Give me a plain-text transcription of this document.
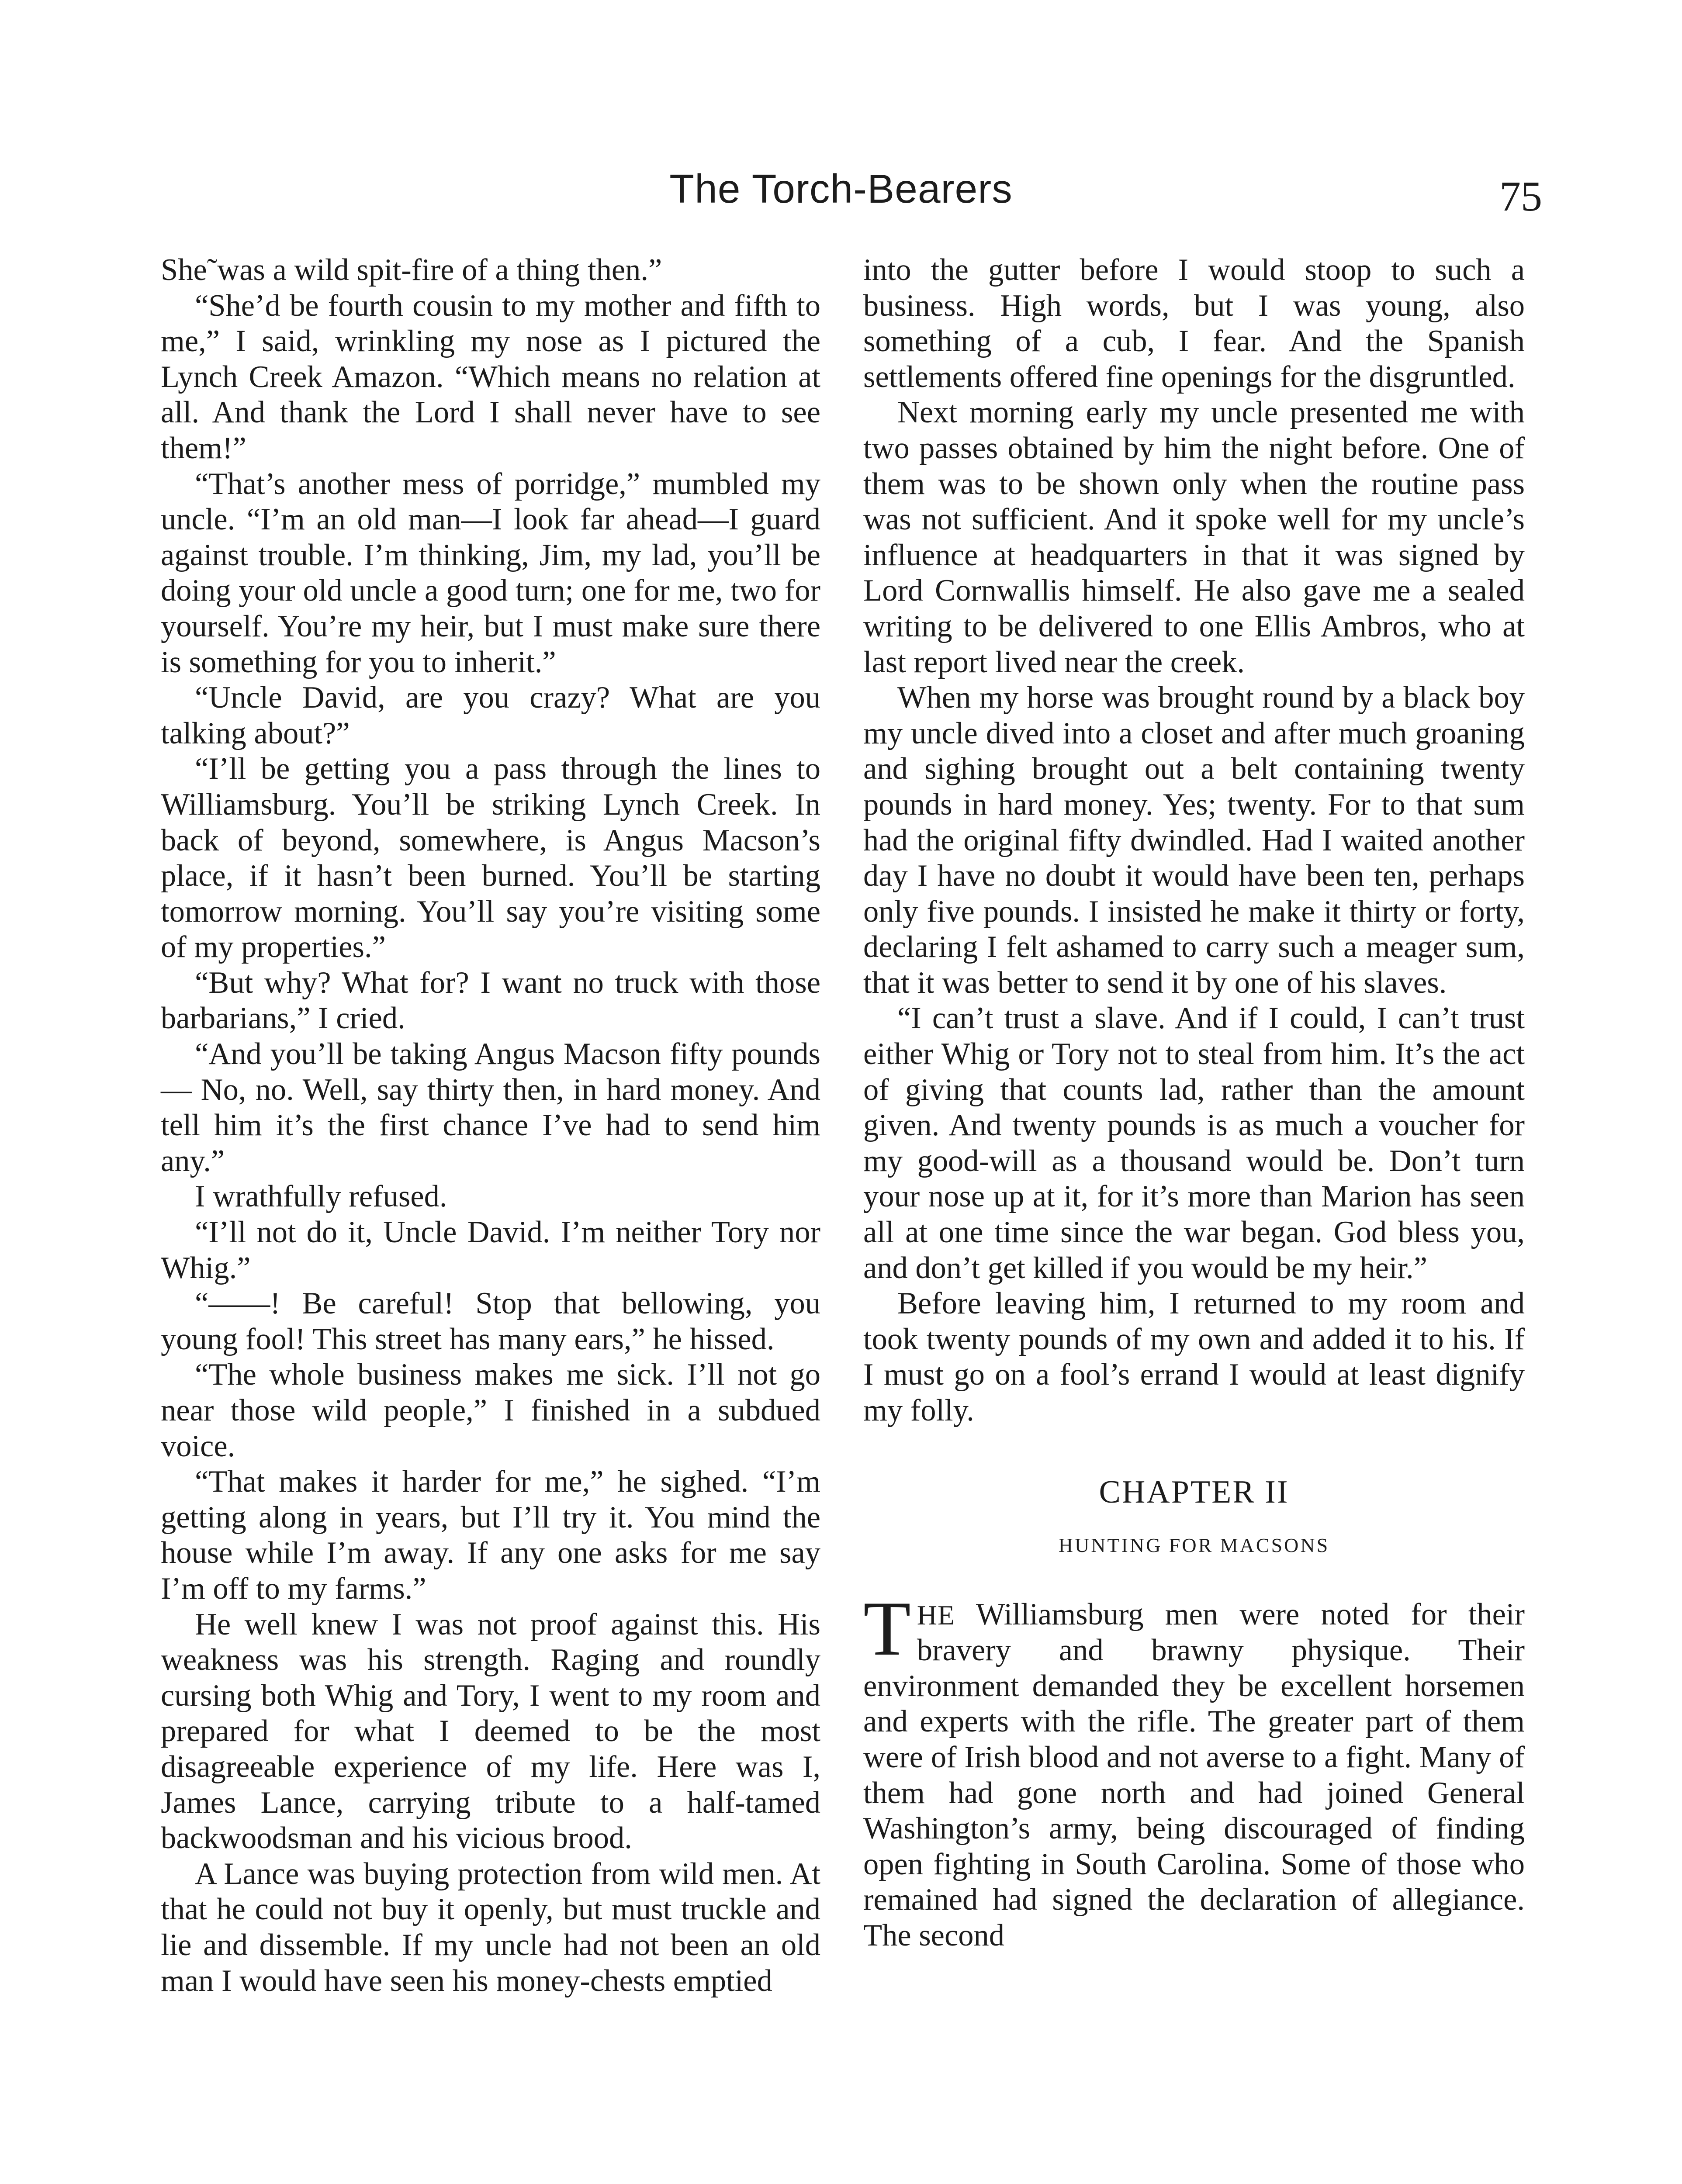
The Torch-Bearers	75

She˜was a wild spit-fire of a thing then.”

“She’d be fourth cousin to my mother and fifth to me,” I said, wrinkling my nose as I pictured the Lynch Creek Amazon. “Which means no relation at all. And thank the Lord I shall never have to see them!”

“That’s another mess of porridge,” mumbled my uncle. “I’m an old man—I look far ahead—I guard against trouble. I’m thinking, Jim, my lad, you’ll be doing your old uncle a good turn; one for me, two for yourself. You’re my heir, but I must make sure there is something for you to inherit.”

“Uncle David, are you crazy? What are you talking about?”

“I’ll be getting you a pass through the lines to Williamsburg. You’ll be striking Lynch Creek. In back of beyond, somewhere, is Angus Macson’s place, if it hasn’t been burned. You’ll be starting tomorrow morning. You’ll say you’re visiting some of my properties.”

“But why? What for? I want no truck with those barbarians,” I cried.

“And you’ll be taking Angus Macson fifty pounds— No, no. Well, say thirty then, in hard money. And tell him it’s the first chance I’ve had to send him any.”

I wrathfully refused.

“I’ll not do it, Uncle David. I’m neither Tory nor Whig.”

“——! Be careful! Stop that bellowing, you young fool! This street has many ears,” he hissed.

“The whole business makes me sick. I’ll not go near those wild people,” I finished in a subdued voice.

“That makes it harder for me,” he sighed. “I’m getting along in years, but I’ll try it. You mind the house while I’m away. If any one asks for me say I’m off to my farms.”

He well knew I was not proof against this. His weakness was his strength. Raging and roundly cursing both Whig and Tory, I went to my room and prepared for what I deemed to be the most disagreeable experience of my life. Here was I, James Lance, carrying tribute to a half-tamed backwoodsman and his vicious brood.

A Lance was buying protection from wild men. At that he could not buy it openly, but must truckle and lie and dissemble. If my uncle had not been an old man I would have seen his money-chests emptied

into the gutter before I would stoop to such a business. High words, but I was young, also something of a cub, I fear. And the Spanish settlements offered fine openings for the disgruntled.

Next morning early my uncle presented me with two passes obtained by him the night before. One of them was to be shown only when the routine pass was not sufficient. And it spoke well for my uncle’s influence at headquarters in that it was signed by Lord Cornwallis himself. He also gave me a sealed writing to be delivered to one Ellis Ambros, who at last report lived near the creek.

When my horse was brought round by a black boy my uncle dived into a closet and after much groaning and sighing brought out a belt containing twenty pounds in hard money. Yes; twenty. For to that sum had the original fifty dwindled. Had I waited another day I have no doubt it would have been ten, perhaps only five pounds. I insisted he make it thirty or forty, declaring I felt ashamed to carry such a meager sum, that it was better to send it by one of his slaves.

“I can’t trust a slave. And if I could, I can’t trust either Whig or Tory not to steal from him. It’s the act of giving that counts lad, rather than the amount given. And twenty pounds is as much a voucher for my good-will as a thousand would be. Don’t turn your nose up at it, for it’s more than Marion has seen all at one time since the war began. God bless you, and don’t get killed if you would be my heir.”

Before leaving him, I returned to my room and took twenty pounds of my own and added it to his. If I must go on a fool’s errand I would at least dignify my folly.

CHAPTER II
HUNTING FOR MACSONS

THE Williamsburg men were noted for their bravery and brawny physique. Their environment demanded they be excellent horsemen and experts with the rifle. The greater part of them were of Irish blood and not averse to a fight. Many of them had gone north and had joined General Washington’s army, being discouraged of finding open fighting in South Carolina. Some of those who remained had signed the declaration of allegiance. The second
